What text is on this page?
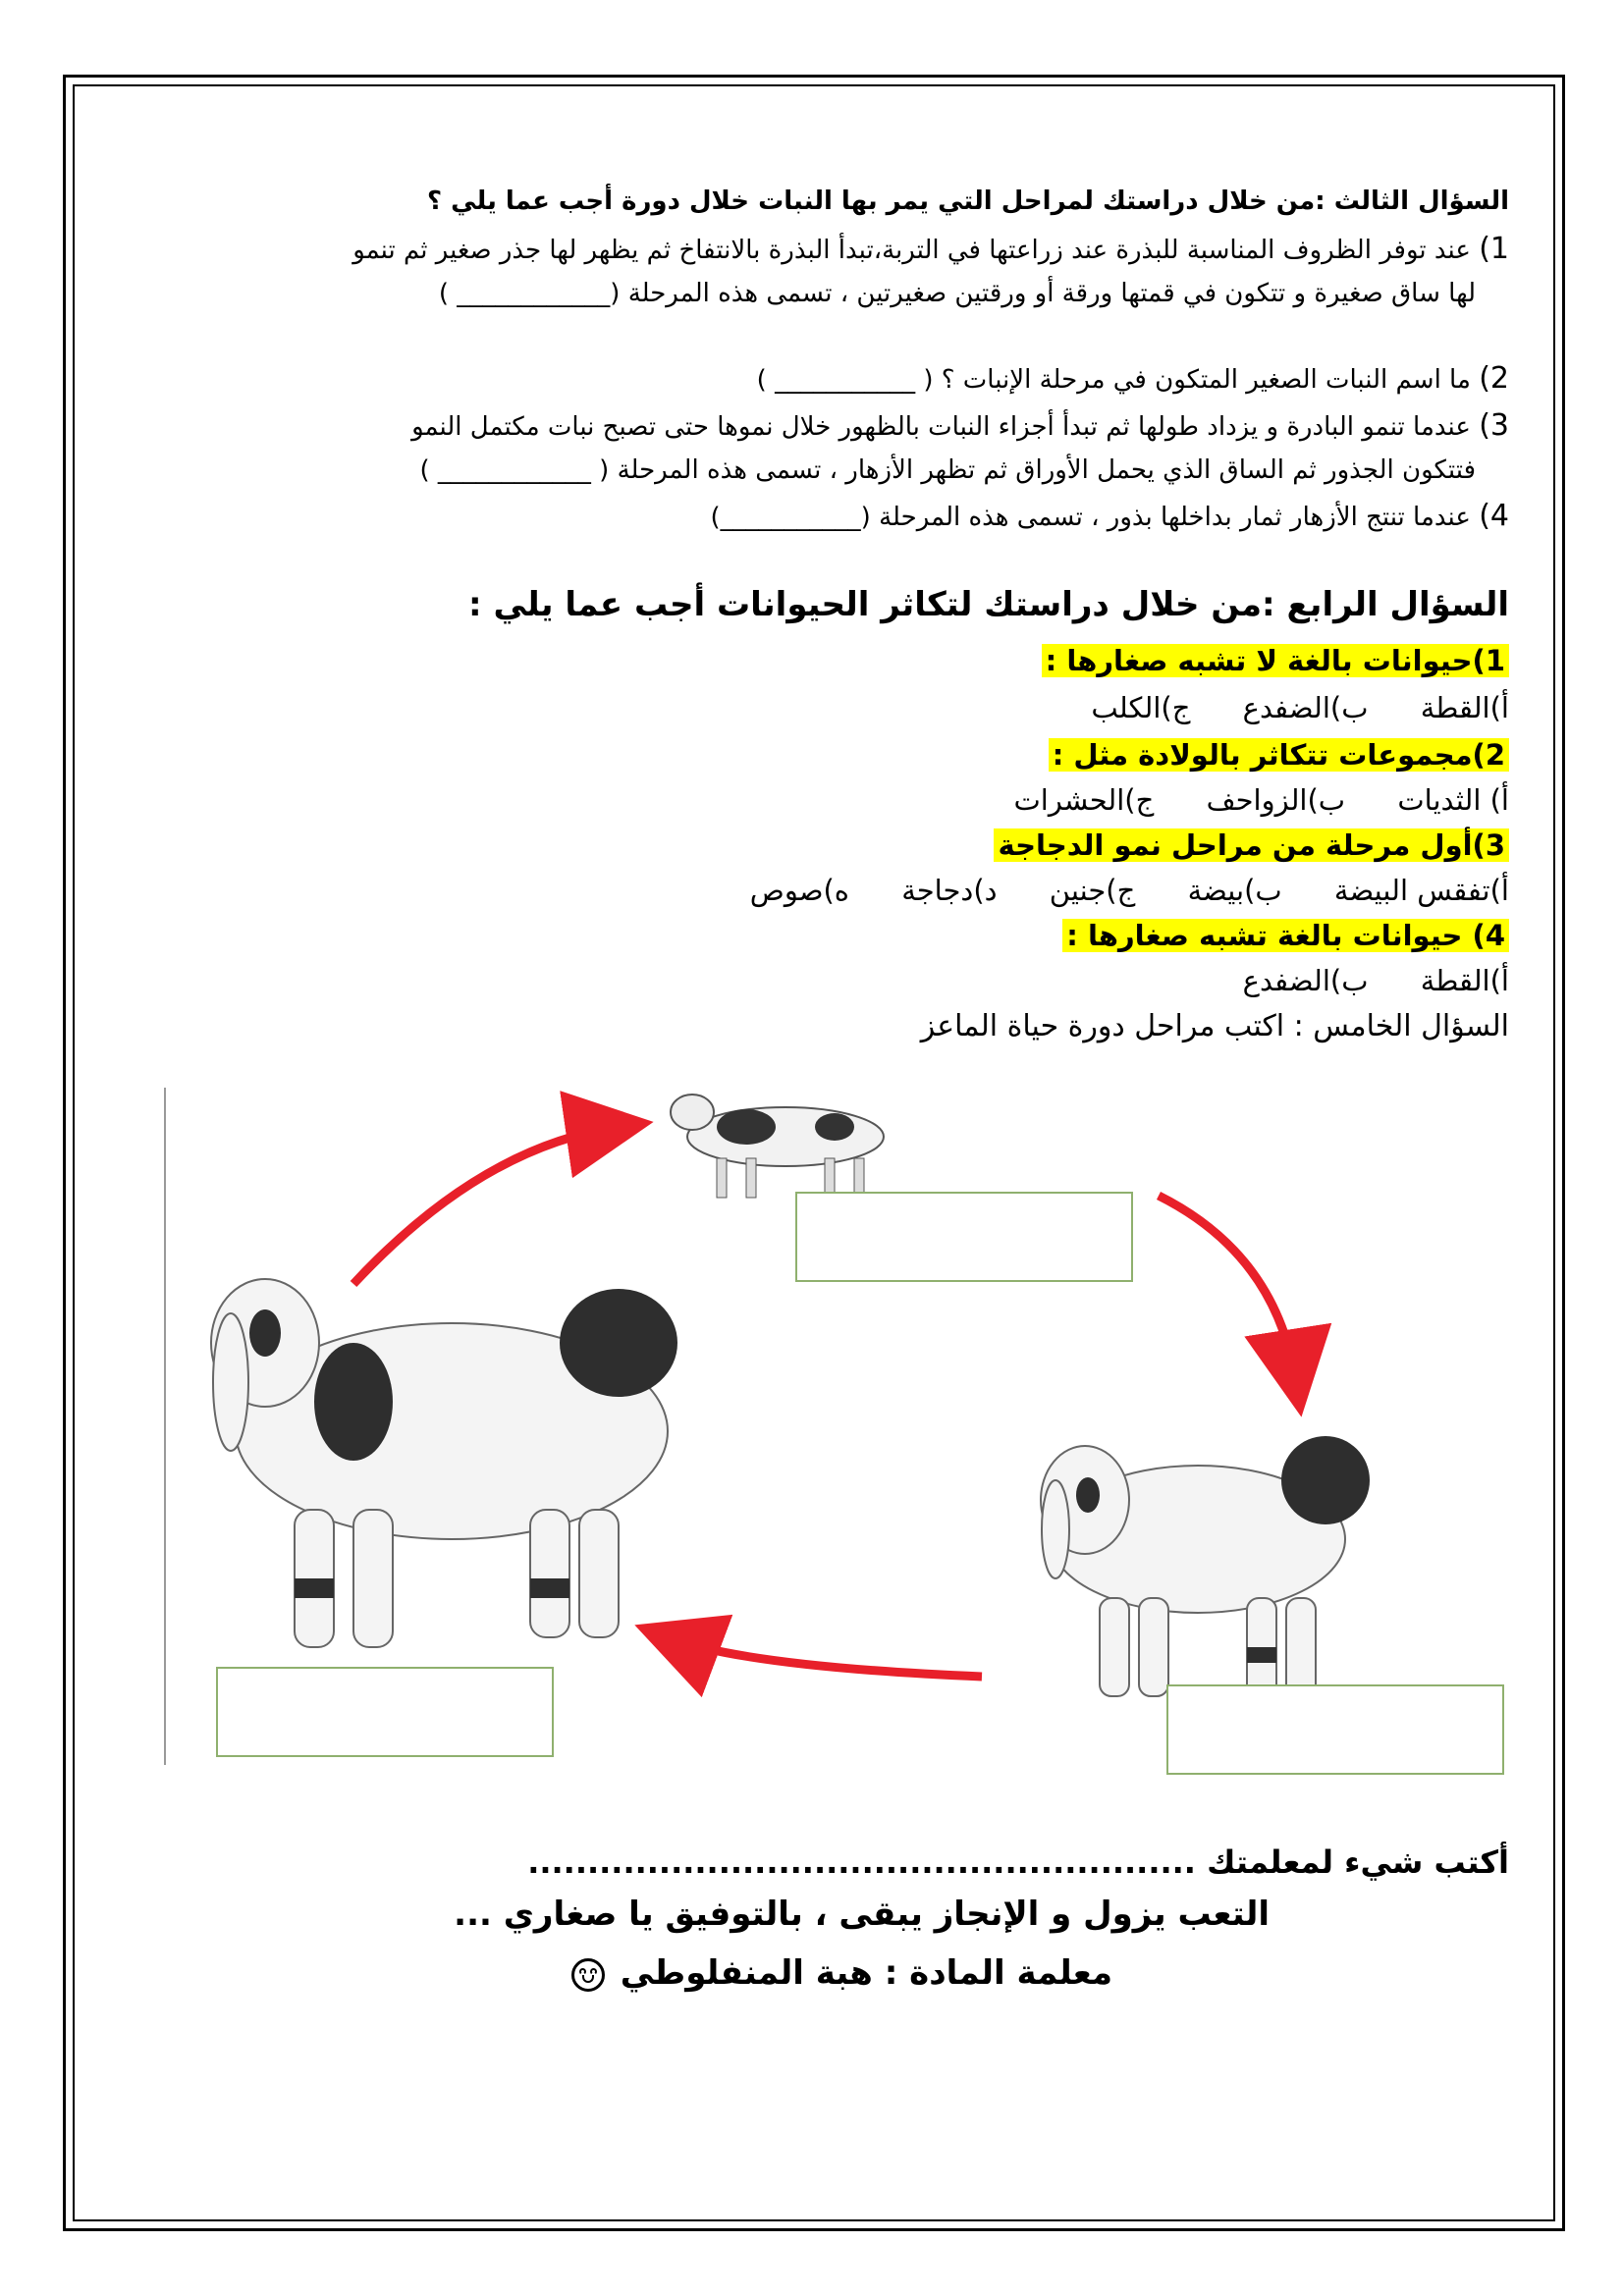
السؤال الثالث :من خلال دراستك لمراحل التي يمر بها النبات خلال دورة أجب عما يلي ؟
1) عند توفر الظروف المناسبة للبذرة عند زراعتها في التربة،تبدأ البذرة بالانتفاخ ثم يظهر لها جذر صغير ثم تنمو
لها ساق صغيرة و تتكون في قمتها ورقة أو ورقتين صغيرتين ، تسمى هذه المرحلة (____________ )
2) ما اسم النبات الصغير المتكون في مرحلة الإنبات ؟ ( ___________ )
3) عندما تنمو البادرة و يزداد طولها ثم تبدأ أجزاء النبات بالظهور خلال نموها حتى تصبح نبات مكتمل النمو
فتتكون الجذور ثم الساق الذي يحمل الأوراق ثم تظهر الأزهار ، تسمى هذه المرحلة ( ____________ )
4) عندما تنتج الأزهار ثمار بداخلها بذور ، تسمى هذه المرحلة (___________)
السؤال الرابع :من خلال دراستك لتكاثر الحيوانات أجب عما يلي :
1)حيوانات بالغة لا تشبه صغارها :
أ)القطة ب)الضفدع ج)الكلب
2)مجموعات تتكاثر بالولادة مثل :
أ) الثديات ب)الزواحف ج)الحشرات
3)أول مرحلة من مراحل نمو الدجاجة
أ)تفقس البيضة ب)بيضة ج)جنين د)دجاجة ه)صوص
4) حيوانات بالغة تشبه صغارها :
أ)القطة ب)الضفدع
السؤال الخامس : اكتب مراحل دورة حياة الماعز
أكتب شيء لمعلمتك ........................................................
التعب يزول و الإنجاز يبقى ، بالتوفيق يا صغاري ...
معلمة المادة : هبة المنفلوطي
